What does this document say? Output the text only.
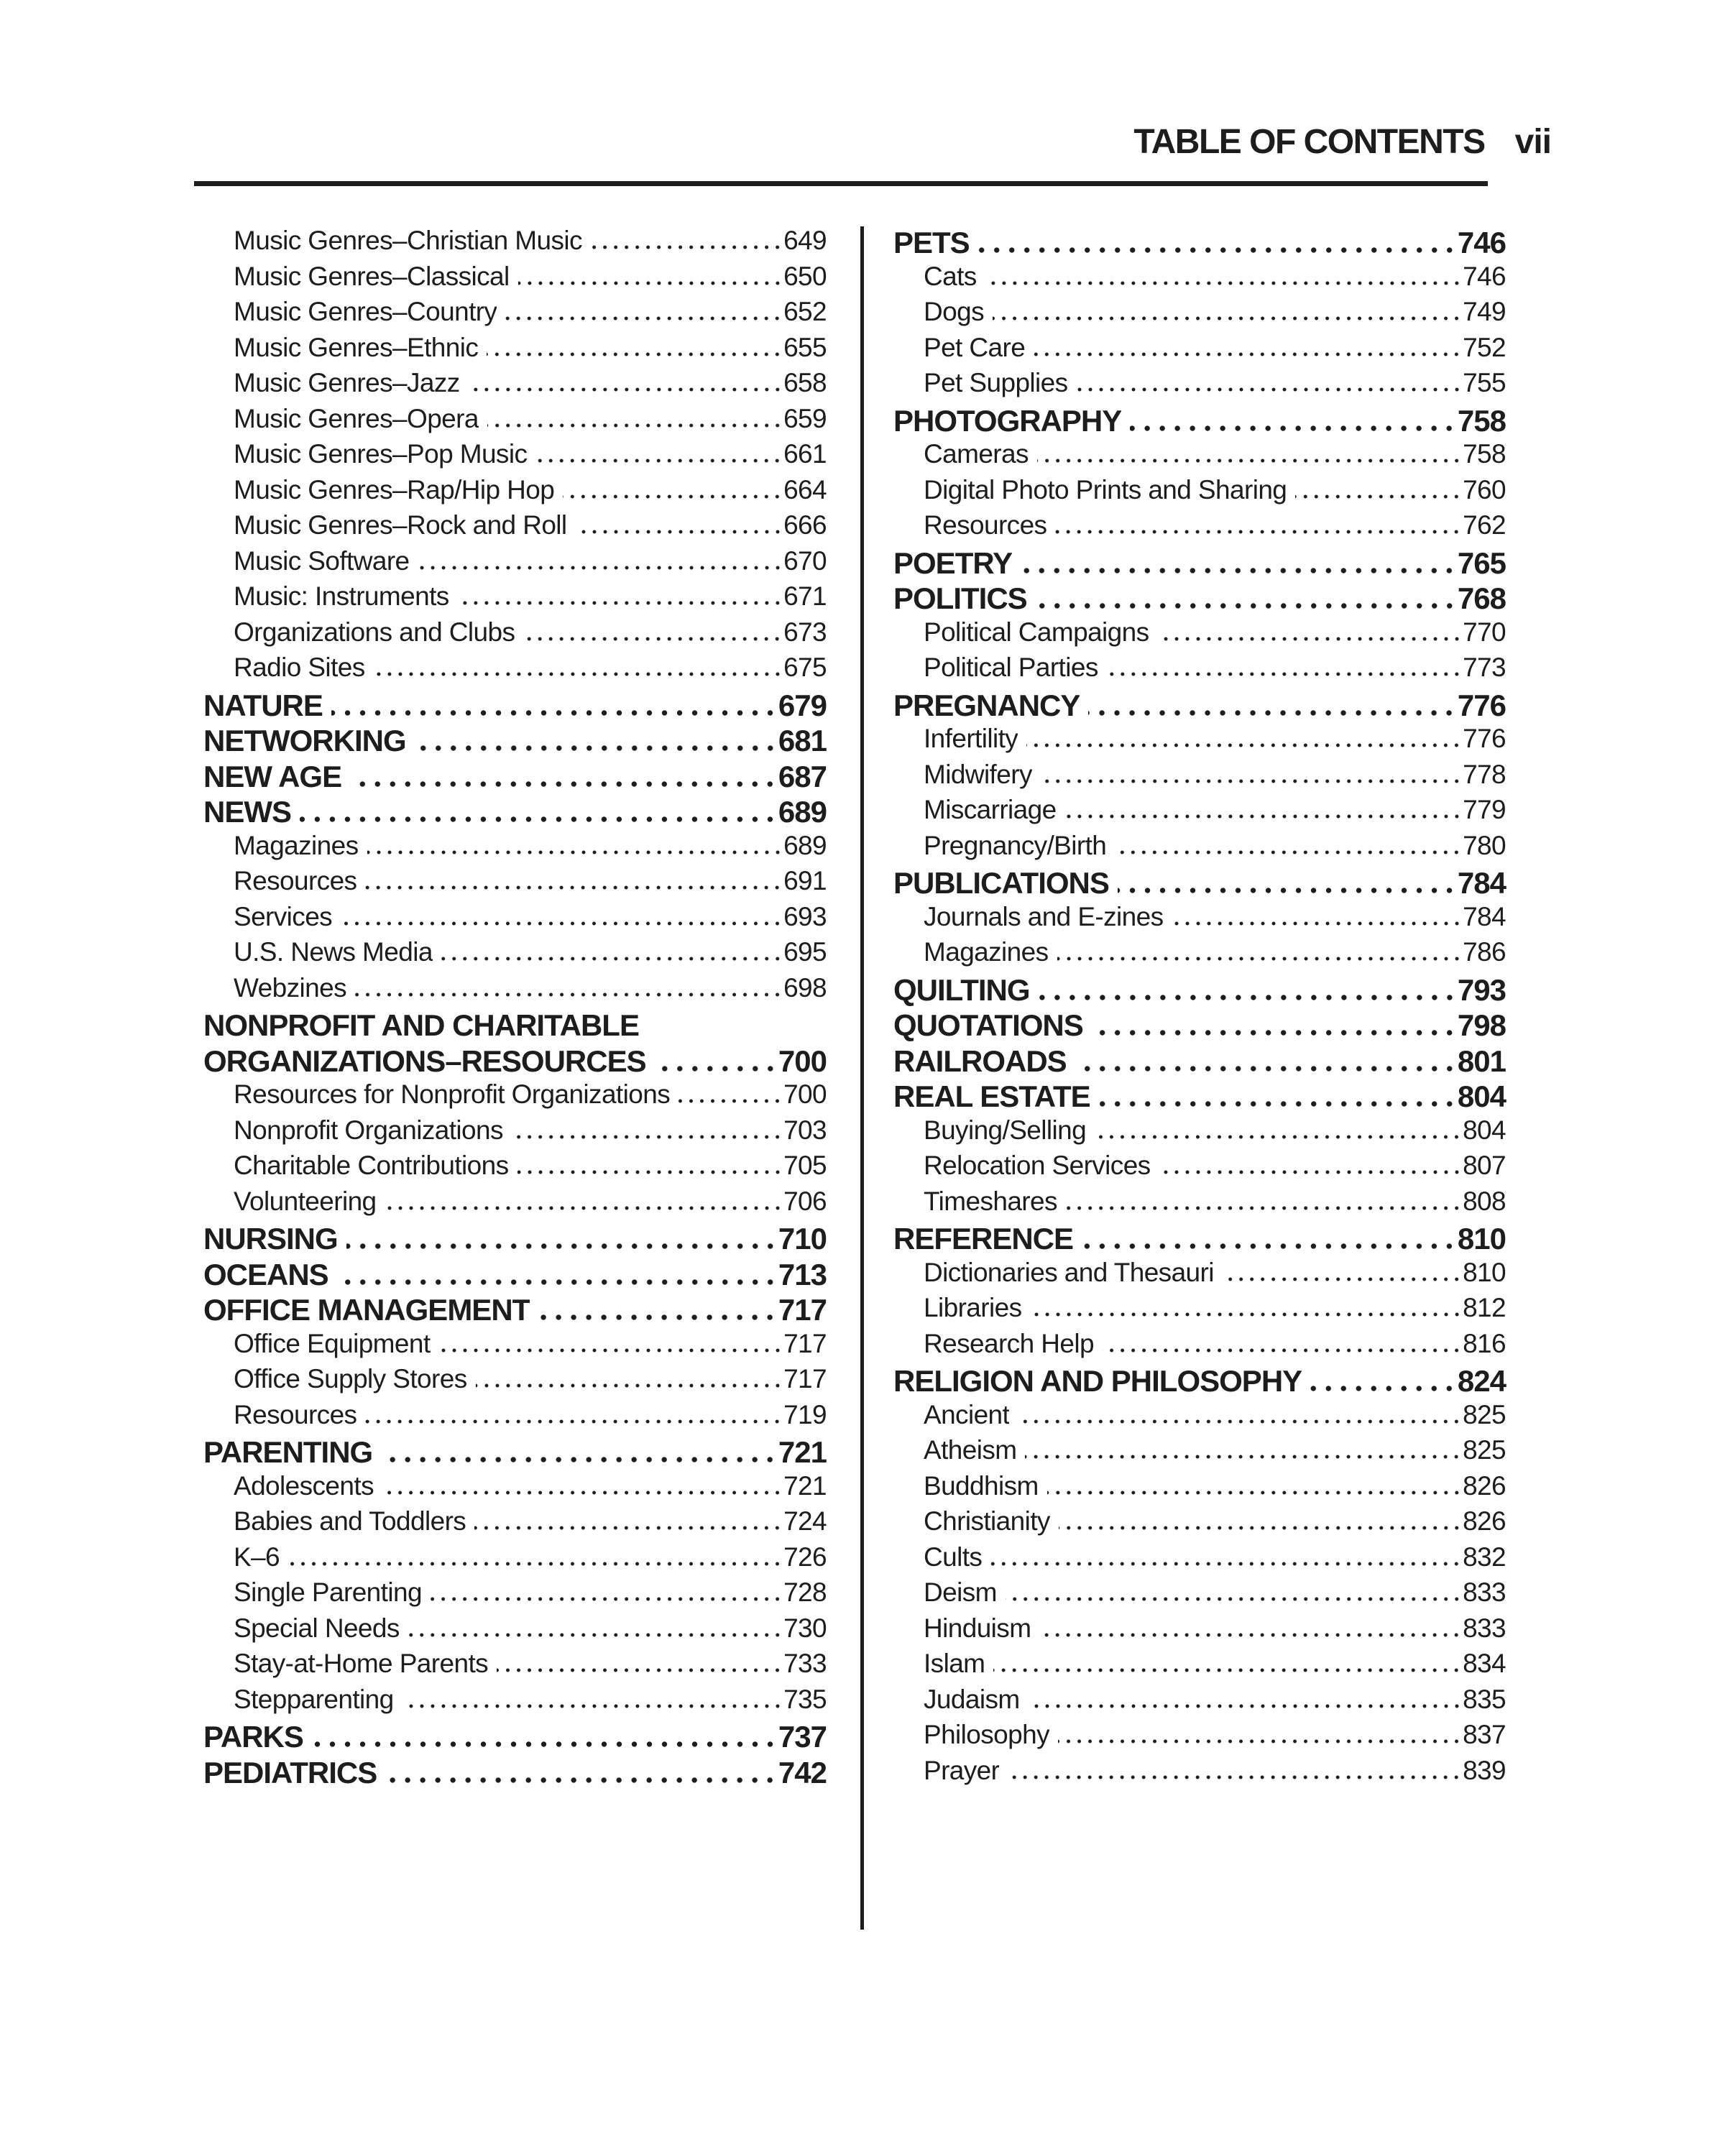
TABLE OF CONTENTS vii
Music Genres–Christian Music	649
Music Genres–Classical	650
Music Genres–Country	652
Music Genres–Ethnic	655
Music Genres–Jazz	658
Music Genres–Opera	659
Music Genres–Pop Music	661
Music Genres–Rap/Hip Hop	664
Music Genres–Rock and Roll	666
Music Software	670
Music: Instruments	671
Organizations and Clubs	673
Radio Sites	675
NATURE	679
NETWORKING	681
NEW AGE	687
NEWS	689
Magazines	689
Resources	691
Services	693
U.S. News Media	695
Webzines	698
NONPROFIT AND CHARITABLE
ORGANIZATIONS–RESOURCES	700
Resources for Nonprofit Organizations	700
Nonprofit Organizations	703
Charitable Contributions	705
Volunteering	706
NURSING	710
OCEANS	713
OFFICE MANAGEMENT	717
Office Equipment	717
Office Supply Stores	717
Resources	719
PARENTING	721
Adolescents	721
Babies and Toddlers	724
K–6	726
Single Parenting	728
Special Needs	730
Stay-at-Home Parents	733
Stepparenting	735
PARKS	737
PEDIATRICS	742
PETS	746
Cats	746
Dogs	749
Pet Care	752
Pet Supplies	755
PHOTOGRAPHY	758
Cameras	758
Digital Photo Prints and Sharing	760
Resources	762
POETRY	765
POLITICS	768
Political Campaigns	770
Political Parties	773
PREGNANCY	776
Infertility	776
Midwifery	778
Miscarriage	779
Pregnancy/Birth	780
PUBLICATIONS	784
Journals and E-zines	784
Magazines	786
QUILTING	793
QUOTATIONS	798
RAILROADS	801
REAL ESTATE	804
Buying/Selling	804
Relocation Services	807
Timeshares	808
REFERENCE	810
Dictionaries and Thesauri	810
Libraries	812
Research Help	816
RELIGION AND PHILOSOPHY	824
Ancient	825
Atheism	825
Buddhism	826
Christianity	826
Cults	832
Deism	833
Hinduism	833
Islam	834
Judaism	835
Philosophy	837
Prayer	839
